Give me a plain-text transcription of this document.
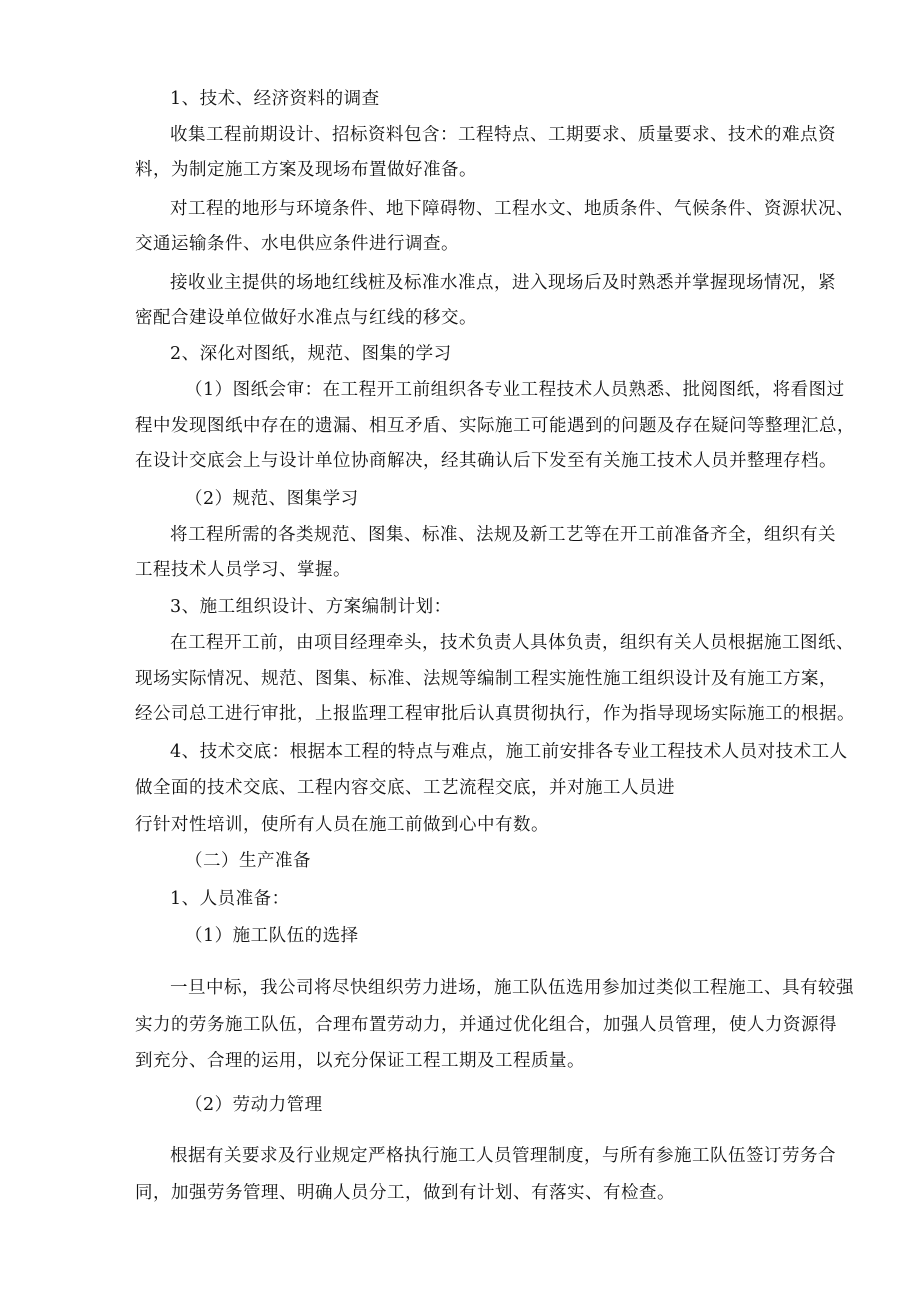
1、技术、经济资料的调查
收集工程前期设计、招标资料包含：工程特点、工期要求、质量要求、技术的难点资
料，为制定施工方案及现场布置做好准备。
对工程的地形与环境条件、地下障碍物、工程水文、地质条件、气候条件、资源状况、
交通运输条件、水电供应条件进行调查。
接收业主提供的场地红线桩及标准水准点，进入现场后及时熟悉并掌握现场情况，紧
密配合建设单位做好水准点与红线的移交。
2、深化对图纸，规范、图集的学习
（1）图纸会审：在工程开工前组织各专业工程技术人员熟悉、批阅图纸，将看图过
程中发现图纸中存在的遗漏、相互矛盾、实际施工可能遇到的问题及存在疑问等整理汇总，
在设计交底会上与设计单位协商解决，经其确认后下发至有关施工技术人员并整理存档。
（2）规范、图集学习
将工程所需的各类规范、图集、标准、法规及新工艺等在开工前准备齐全，组织有关
工程技术人员学习、掌握。
3、施工组织设计、方案编制计划：
在工程开工前，由项目经理牵头，技术负责人具体负责，组织有关人员根据施工图纸、
现场实际情况、规范、图集、标准、法规等编制工程实施性施工组织设计及有施工方案，
经公司总工进行审批，上报监理工程审批后认真贯彻执行，作为指导现场实际施工的根据。
4、技术交底：根据本工程的特点与难点，施工前安排各专业工程技术人员对技术工人
做全面的技术交底、工程内容交底、工艺流程交底，并对施工人员进
行针对性培训，使所有人员在施工前做到心中有数。
（二）生产准备
1、人员准备：
（1）施工队伍的选择
一旦中标，我公司将尽快组织劳力进场，施工队伍选用参加过类似工程施工、具有较强
实力的劳务施工队伍，合理布置劳动力，并通过优化组合，加强人员管理，使人力资源得
到充分、合理的运用，以充分保证工程工期及工程质量。
（2）劳动力管理
根据有关要求及行业规定严格执行施工人员管理制度，与所有参施工队伍签订劳务合
同，加强劳务管理、明确人员分工，做到有计划、有落实、有检查。
